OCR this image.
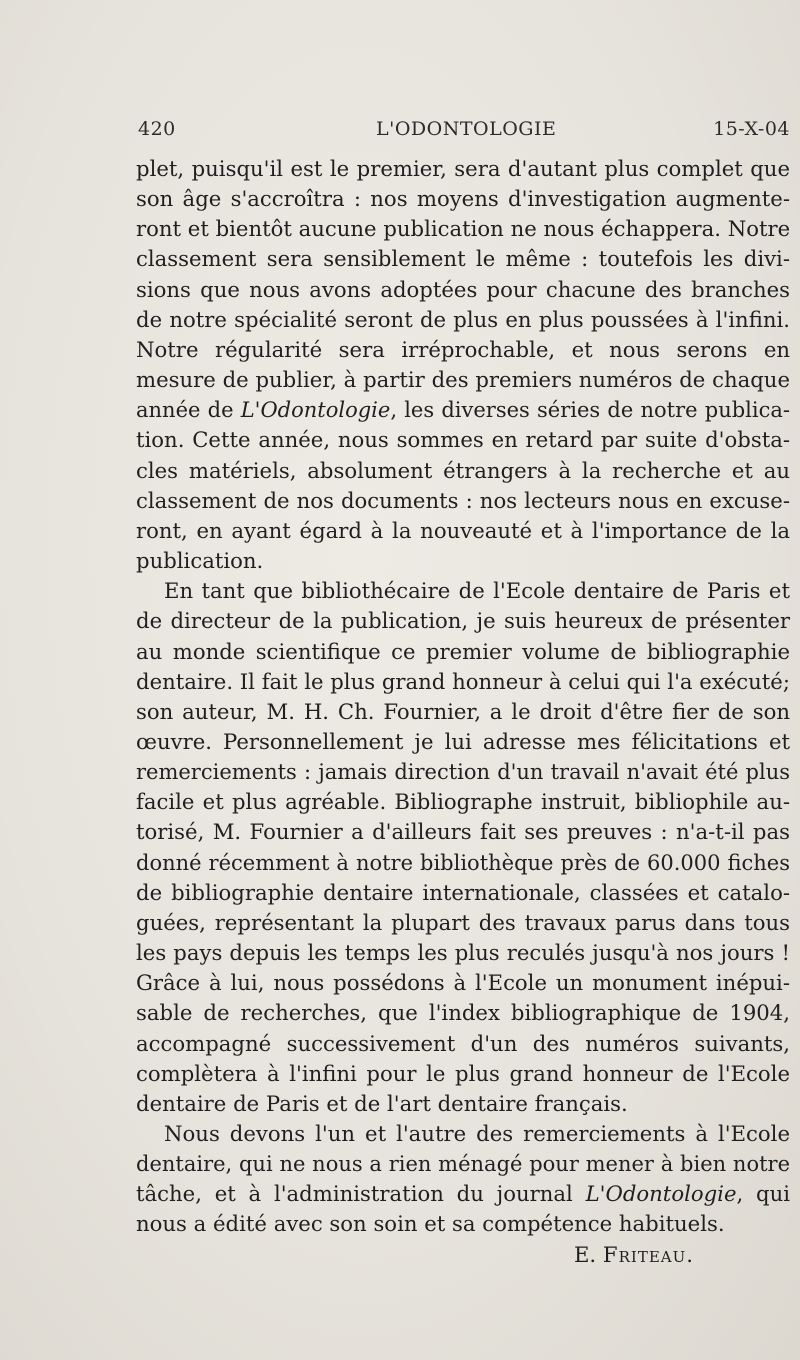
420	L'ODONTOLOGIE	15-X-04
plet, puisqu'il est le premier, sera d'autant plus complet que
son âge s'accroîtra : nos moyens d'investigation augmente-
ront et bientôt aucune publication ne nous échappera. Notre
classement sera sensiblement le même : toutefois les divi-
sions que nous avons adoptées pour chacune des branches
de notre spécialité seront de plus en plus poussées à l'infini.
Notre régularité sera irréprochable, et nous serons en
mesure de publier, à partir des premiers numéros de chaque
année de L'Odontologie, les diverses séries de notre publica-
tion. Cette année, nous sommes en retard par suite d'obsta-
cles matériels, absolument étrangers à la recherche et au
classement de nos documents : nos lecteurs nous en excuse-
ront, en ayant égard à la nouveauté et à l'importance de la
publication.
En tant que bibliothécaire de l'Ecole dentaire de Paris et
de directeur de la publication, je suis heureux de présenter
au monde scientifique ce premier volume de bibliographie
dentaire. Il fait le plus grand honneur à celui qui l'a exécuté;
son auteur, M. H. Ch. Fournier, a le droit d'être fier de son
œuvre. Personnellement je lui adresse mes félicitations et
remerciements : jamais direction d'un travail n'avait été plus
facile et plus agréable. Bibliographe instruit, bibliophile au-
torisé, M. Fournier a d'ailleurs fait ses preuves : n'a-t-il pas
donné récemment à notre bibliothèque près de 60.000 fiches
de bibliographie dentaire internationale, classées et catalo-
guées, représentant la plupart des travaux parus dans tous
les pays depuis les temps les plus reculés jusqu'à nos jours !
Grâce à lui, nous possédons à l'Ecole un monument inépui-
sable de recherches, que l'index bibliographique de 1904,
accompagné successivement d'un des numéros suivants,
complètera à l'infini pour le plus grand honneur de l'Ecole
dentaire de Paris et de l'art dentaire français.
Nous devons l'un et l'autre des remerciements à l'Ecole
dentaire, qui ne nous a rien ménagé pour mener à bien notre
tâche, et à l'administration du journal L'Odontologie, qui
nous a édité avec son soin et sa compétence habituels.
E. Friteau.
